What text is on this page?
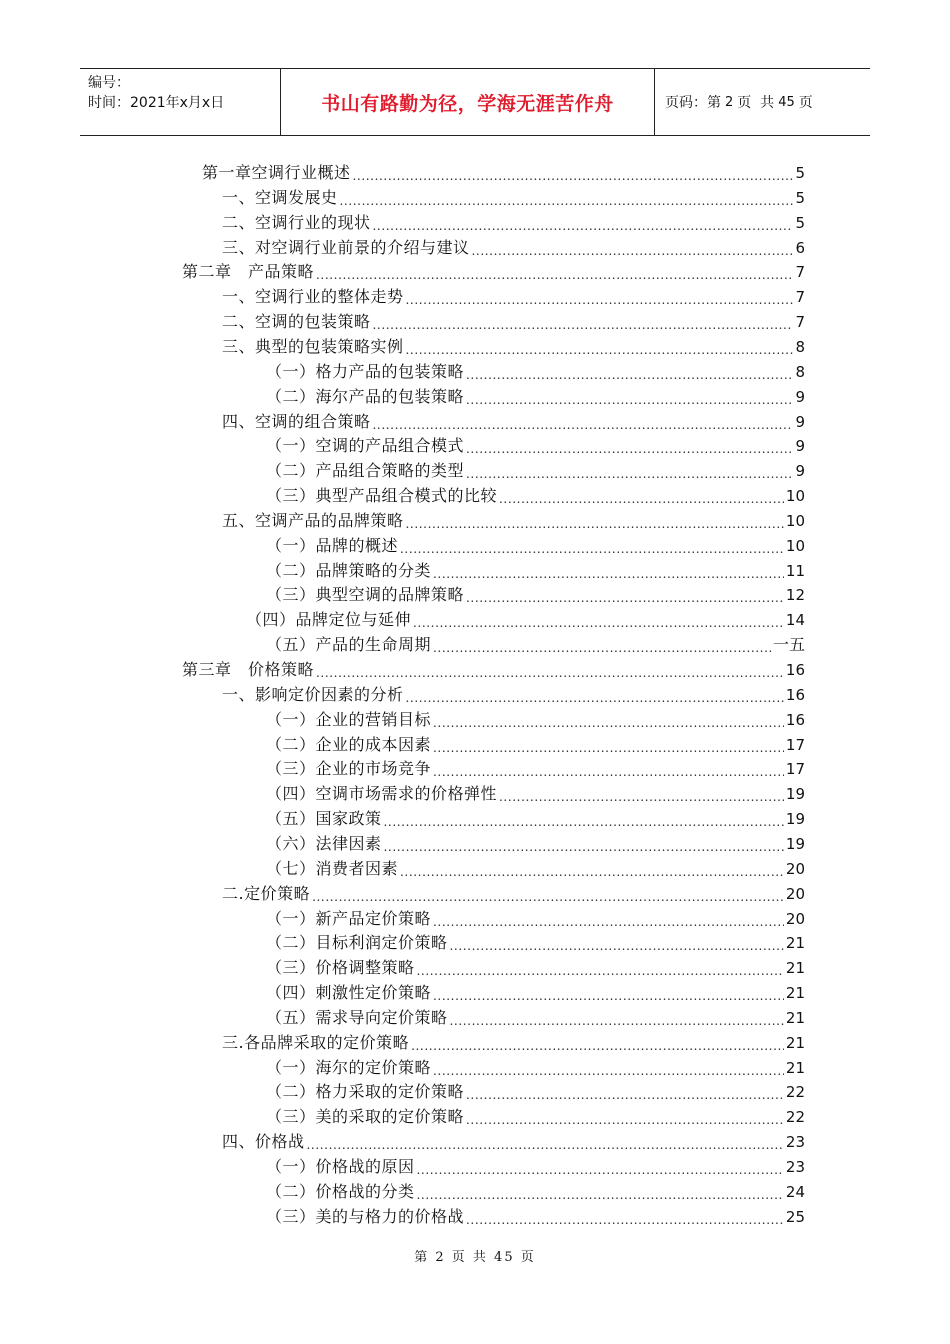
编号：
时间：2021年x月x日	书山有路勤为径，学海无涯苦作舟	页码：第 2 页  共 45 页
第一章空调行业概述 .....	5
一、空调发展史 .....	5
二、空调行业的现状 .....	5
三、对空调行业前景的介绍与建议 .....	6
第二章　产品策略 .....	7
一、空调行业的整体走势 .....	7
二、空调的包装策略 .....	7
三、典型的包装策略实例 .....	8
（一）格力产品的包装策略 .....	8
（二）海尔产品的包装策略 .....	9
四、空调的组合策略 .....	9
（一）空调的产品组合模式 .....	9
（二）产品组合策略的类型 .....	9
（三）典型产品组合模式的比较 .....	10
五、空调产品的品牌策略 .....	10
（一）品牌的概述 .....	10
（二）品牌策略的分类 .....	11
（三）典型空调的品牌策略 .....	12
（四）品牌定位与延伸 .....	14
（五）产品的生命周期 .....	一五
第三章　价格策略 .....	16
一、影响定价因素的分析 .....	16
（一）企业的营销目标 .....	16
（二）企业的成本因素 .....	17
（三）企业的市场竞争 .....	17
（四）空调市场需求的价格弹性 .....	19
（五）国家政策 .....	19
（六）法律因素 .....	19
（七）消费者因素 .....	20
二.定价策略 .....	20
（一）新产品定价策略 .....	20
（二）目标利润定价策略 .....	21
（三）价格调整策略 .....	21
（四）刺激性定价策略 .....	21
（五）需求导向定价策略 .....	21
三.各品牌采取的定价策略 .....	21
（一）海尔的定价策略 .....	21
（二）格力采取的定价策略 .....	22
（三）美的采取的定价策略 .....	22
四、价格战 .....	23
（一）价格战的原因 .....	23
（二）价格战的分类 .....	24
（三）美的与格力的价格战 .....	25
第 2 页 共 45 页
